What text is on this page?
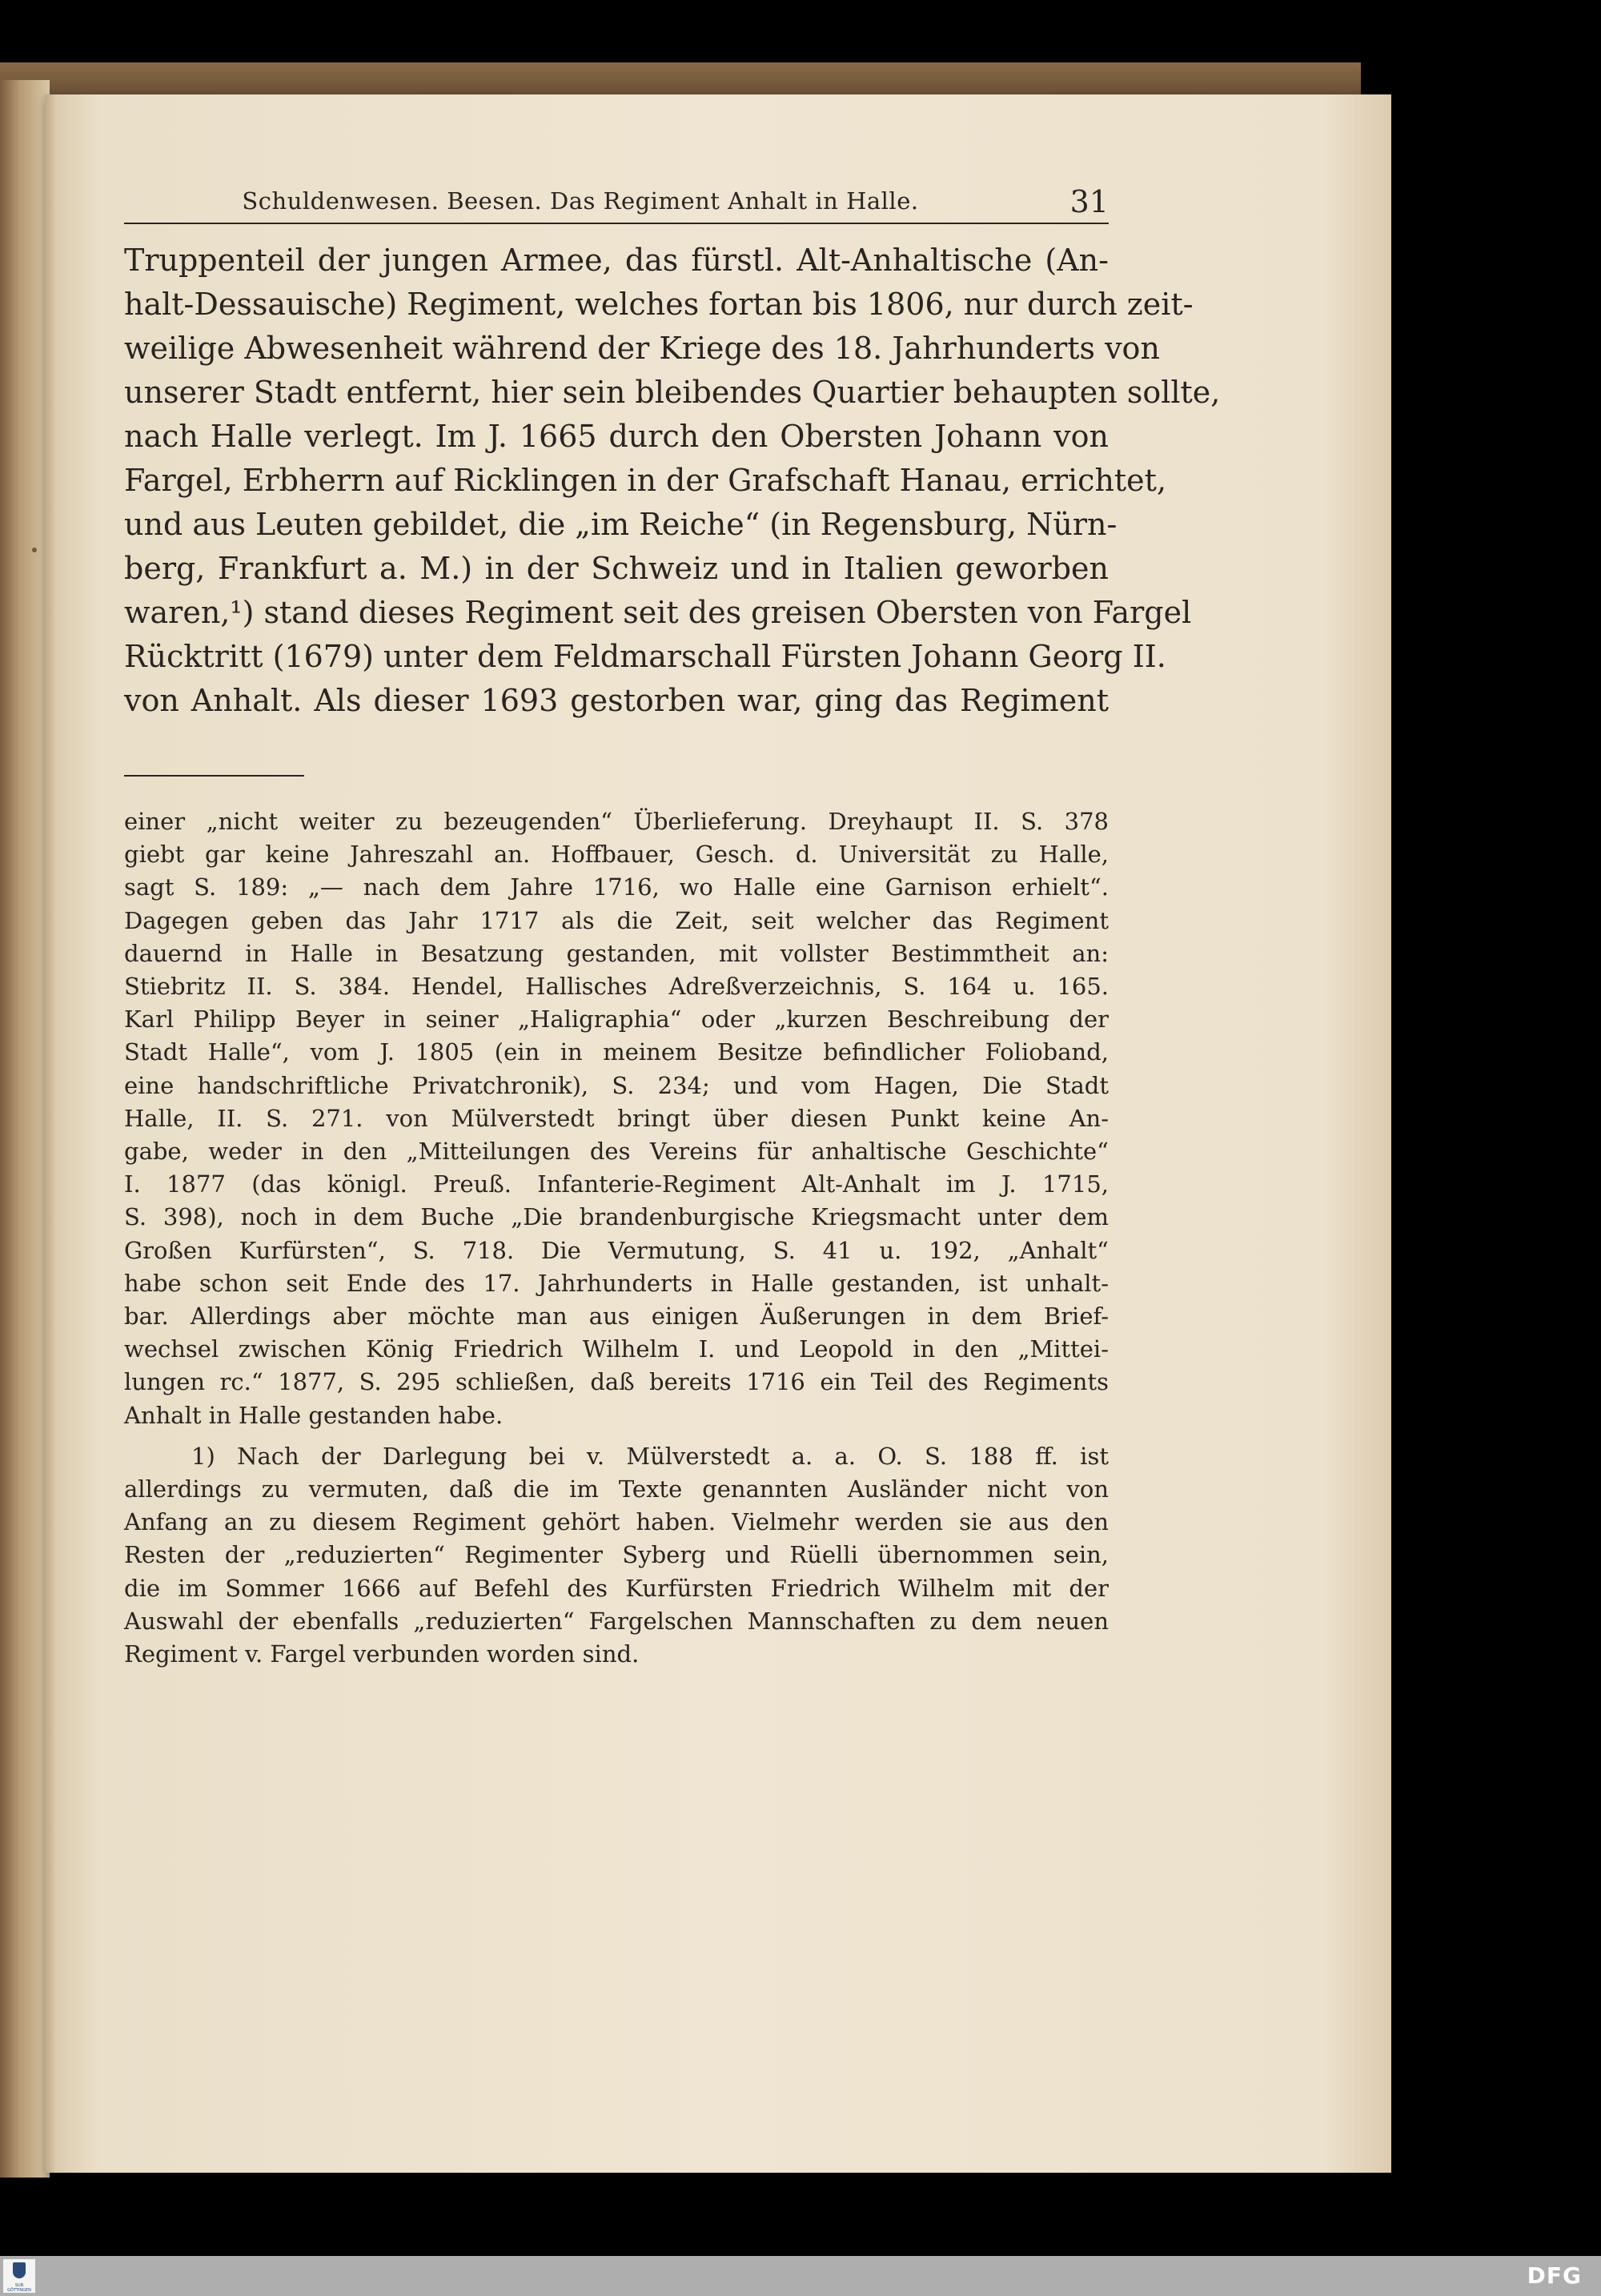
Schuldenwesen. Beesen. Das Regiment Anhalt in Halle.	31
Truppenteil der jungen Armee, das fürstl. Alt-Anhaltische (An-
halt-Dessauische) Regiment, welches fortan bis 1806, nur durch zeit-
weilige Abwesenheit während der Kriege des 18. Jahrhunderts von
unserer Stadt entfernt, hier sein bleibendes Quartier behaupten sollte,
nach Halle verlegt. Im J. 1665 durch den Obersten Johann von
Fargel, Erbherrn auf Ricklingen in der Grafschaft Hanau, errichtet,
und aus Leuten gebildet, die „im Reiche“ (in Regensburg, Nürn-
berg, Frankfurt a. M.) in der Schweiz und in Italien geworben
waren,¹) stand dieses Regiment seit des greisen Obersten von Fargel
Rücktritt (1679) unter dem Feldmarschall Fürsten Johann Georg II.
von Anhalt. Als dieser 1693 gestorben war, ging das Regiment
einer „nicht weiter zu bezeugenden“ Überlieferung. Dreyhaupt II. S. 378
giebt gar keine Jahreszahl an. Hoffbauer, Gesch. d. Universität zu Halle,
sagt S. 189: „— nach dem Jahre 1716, wo Halle eine Garnison erhielt“.
Dagegen geben das Jahr 1717 als die Zeit, seit welcher das Regiment
dauernd in Halle in Besatzung gestanden, mit vollster Bestimmtheit an:
Stiebritz II. S. 384. Hendel, Hallisches Adreßverzeichnis, S. 164 u. 165.
Karl Philipp Beyer in seiner „Haligraphia“ oder „kurzen Beschreibung der
Stadt Halle“, vom J. 1805 (ein in meinem Besitze befindlicher Folioband,
eine handschriftliche Privatchronik), S. 234; und vom Hagen, Die Stadt
Halle, II. S. 271. von Mülverstedt bringt über diesen Punkt keine An-
gabe, weder in den „Mitteilungen des Vereins für anhaltische Geschichte“
I. 1877 (das königl. Preuß. Infanterie-Regiment Alt-Anhalt im J. 1715,
S. 398), noch in dem Buche „Die brandenburgische Kriegsmacht unter dem
Großen Kurfürsten“, S. 718. Die Vermutung, S. 41 u. 192, „Anhalt“
habe schon seit Ende des 17. Jahrhunderts in Halle gestanden, ist unhalt-
bar. Allerdings aber möchte man aus einigen Äußerungen in dem Brief-
wechsel zwischen König Friedrich Wilhelm I. und Leopold in den „Mittei-
lungen rc.“ 1877, S. 295 schließen, daß bereits 1716 ein Teil des Regiments
Anhalt in Halle gestanden habe.
1) Nach der Darlegung bei v. Mülverstedt a. a. O. S. 188 ff. ist
allerdings zu vermuten, daß die im Texte genannten Ausländer nicht von
Anfang an zu diesem Regiment gehört haben. Vielmehr werden sie aus den
Resten der „reduzierten“ Regimenter Syberg und Rüelli übernommen sein,
die im Sommer 1666 auf Befehl des Kurfürsten Friedrich Wilhelm mit der
Auswahl der ebenfalls „reduzierten“ Fargelschen Mannschaften zu dem neuen
Regiment v. Fargel verbunden worden sind.
SUB GÖTTINGEN
DFG
